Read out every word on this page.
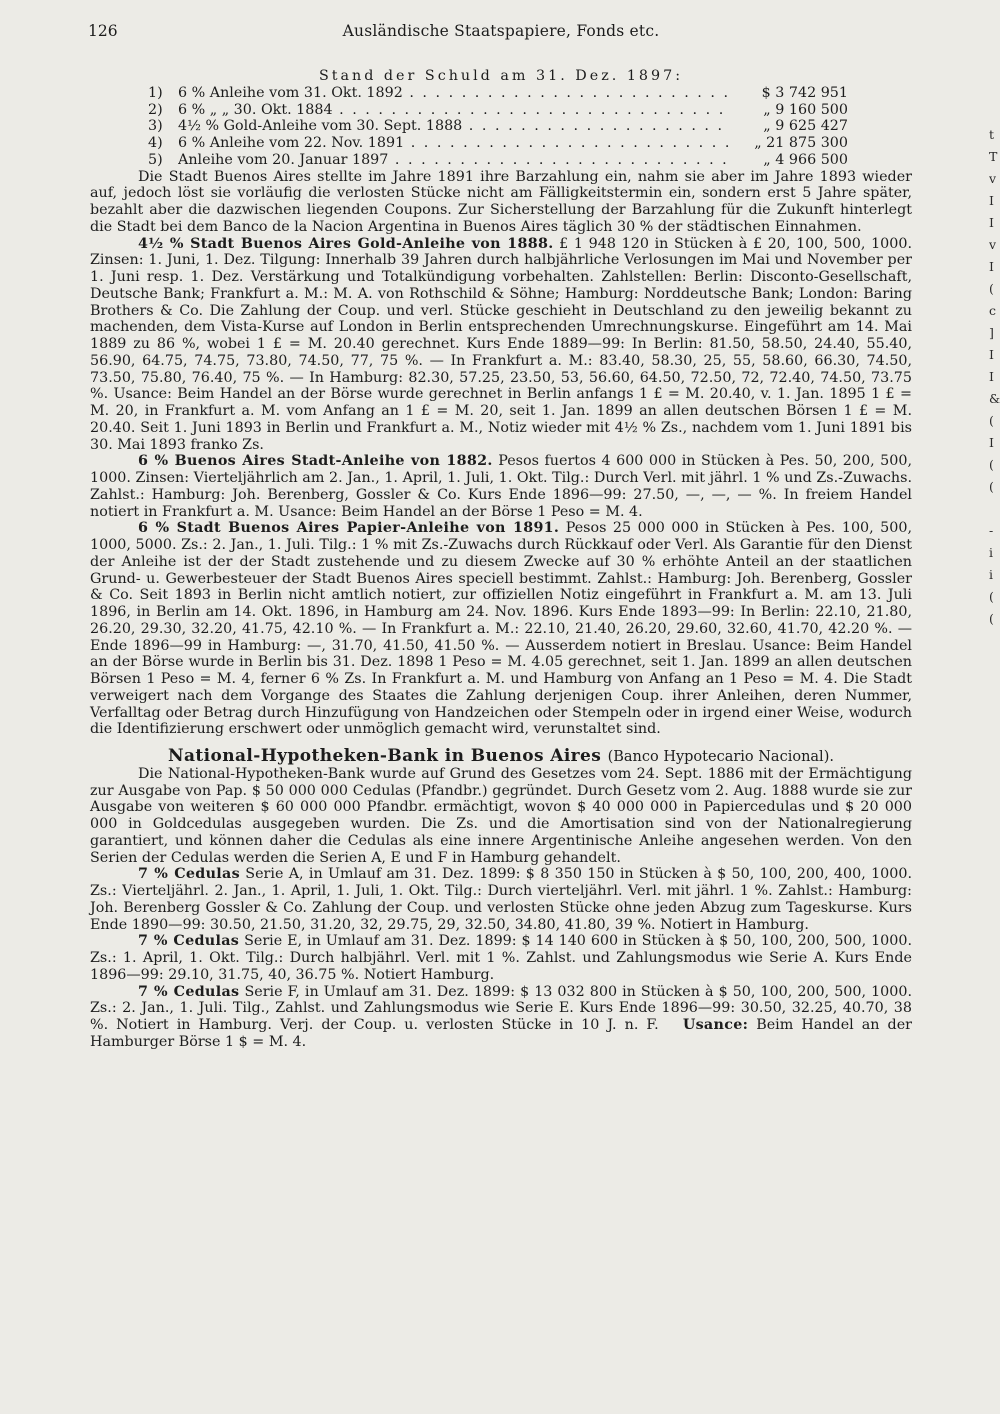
126	Ausländische Staatspapiere, Fonds etc.
Stand der Schuld am 31. Dez. 1897:
1)	6 % Anleihe vom 31. Okt. 1892 . . .	$ 3 742 951
2)	6 % „ „ 30. Okt. 1884 . . .	„ 9 160 500
3)	4½ % Gold-Anleihe vom 30. Sept. 1888 . . .	„ 9 625 427
4)	6 % Anleihe vom 22. Nov. 1891 . . .	„ 21 875 300
5)	Anleihe vom 20. Januar 1897 . . .	„ 4 966 500

Die Stadt Buenos Aires stellte im Jahre 1891 ihre Barzahlung ein, nahm sie aber im Jahre 1893 wieder auf, jedoch löst sie vorläufig die verlosten Stücke nicht am Fälligkeitstermin ein, sondern erst 5 Jahre später, bezahlt aber die dazwischen liegenden Coupons. Zur Sicherstellung der Barzahlung für die Zukunft hinterlegt die Stadt bei dem Banco de la Nacion Argentina in Buenos Aires täglich 30 % der städtischen Einnahmen.

4½ % Stadt Buenos Aires Gold-Anleihe von 1888. £ 1 948 120 in Stücken à £ 20, 100, 500, 1000. Zinsen: 1. Juni, 1. Dez. Tilgung: Innerhalb 39 Jahren durch halbjährliche Verlosungen im Mai und November per 1. Juni resp. 1. Dez. Verstärkung und Totalkündigung vorbehalten. Zahlstellen: Berlin: Disconto-Gesellschaft, Deutsche Bank; Frankfurt a. M.: M. A. von Rothschild & Söhne; Hamburg: Norddeutsche Bank; London: Baring Brothers & Co. Die Zahlung der Coup. und verl. Stücke geschieht in Deutschland zu den jeweilig bekannt zu machenden, dem Vista-Kurse auf London in Berlin entsprechenden Umrechnungskurse. Eingeführt am 14. Mai 1889 zu 86 %, wobei 1 £ = M. 20.40 gerechnet. Kurs Ende 1889—99: In Berlin: 81.50, 58.50, 24.40, 55.40, 56.90, 64.75, 74.75, 73.80, 74.50, 77, 75 %. — In Frankfurt a. M.: 83.40, 58.30, 25, 55, 58.60, 66.30, 74.50, 73.50, 75.80, 76.40, 75 %. — In Hamburg: 82.30, 57.25, 23.50, 53, 56.60, 64.50, 72.50, 72, 72.40, 74.50, 73.75 %. Usance: Beim Handel an der Börse wurde gerechnet in Berlin anfangs 1 £ = M. 20.40, v. 1. Jan. 1895 1 £ = M. 20, in Frankfurt a. M. vom Anfang an 1 £ = M. 20, seit 1. Jan. 1899 an allen deutschen Börsen 1 £ = M. 20.40. Seit 1. Juni 1893 in Berlin und Frankfurt a. M., Notiz wieder mit 4½ % Zs., nachdem vom 1. Juni 1891 bis 30. Mai 1893 franko Zs.

6 % Buenos Aires Stadt-Anleihe von 1882. Pesos fuertos 4 600 000 in Stücken à Pes. 50, 200, 500, 1000. Zinsen: Vierteljährlich am 2. Jan., 1. April, 1. Juli, 1. Okt. Tilg.: Durch Verl. mit jährl. 1 % und Zs.-Zuwachs. Zahlst.: Hamburg: Joh. Berenberg, Gossler & Co. Kurs Ende 1896—99: 27.50, —, —, — %. In freiem Handel notiert in Frankfurt a. M. Usance: Beim Handel an der Börse 1 Peso = M. 4.

6 % Stadt Buenos Aires Papier-Anleihe von 1891. Pesos 25 000 000 in Stücken à Pes. 100, 500, 1000, 5000. Zs.: 2. Jan., 1. Juli. Tilg.: 1 % mit Zs.-Zuwachs durch Rückkauf oder Verl. Als Garantie für den Dienst der Anleihe ist der der Stadt zustehende und zu diesem Zwecke auf 30 % erhöhte Anteil an der staatlichen Grund- u. Gewerbesteuer der Stadt Buenos Aires speciell bestimmt. Zahlst.: Hamburg: Joh. Berenberg, Gossler & Co. Seit 1893 in Berlin nicht amtlich notiert, zur offiziellen Notiz eingeführt in Frankfurt a. M. am 13. Juli 1896, in Berlin am 14. Okt. 1896, in Hamburg am 24. Nov. 1896. Kurs Ende 1893—99: In Berlin: 22.10, 21.80, 26.20, 29.30, 32.20, 41.75, 42.10 %. — In Frankfurt a. M.: 22.10, 21.40, 26.20, 29.60, 32.60, 41.70, 42.20 %. — Ende 1896—99 in Hamburg: —, 31.70, 41.50, 41.50 %. — Ausserdem notiert in Breslau. Usance: Beim Handel an der Börse wurde in Berlin bis 31. Dez. 1898 1 Peso = M. 4.05 gerechnet, seit 1. Jan. 1899 an allen deutschen Börsen 1 Peso = M. 4, ferner 6 % Zs. In Frankfurt a. M. und Hamburg von Anfang an 1 Peso = M. 4. Die Stadt verweigert nach dem Vorgange des Staates die Zahlung derjenigen Coup. ihrer Anleihen, deren Nummer, Verfalltag oder Betrag durch Hinzufügung von Handzeichen oder Stempeln oder in irgend einer Weise, wodurch die Identifizierung erschwert oder unmöglich gemacht wird, verunstaltet sind.

National-Hypotheken-Bank in Buenos Aires (Banco Hypotecario Nacional).

Die National-Hypotheken-Bank wurde auf Grund des Gesetzes vom 24. Sept. 1886 mit der Ermächtigung zur Ausgabe von Pap. $ 50 000 000 Cedulas (Pfandbr.) gegründet. Durch Gesetz vom 2. Aug. 1888 wurde sie zur Ausgabe von weiteren $ 60 000 000 Pfandbr. ermächtigt, wovon $ 40 000 000 in Papiercedulas und $ 20 000 000 in Goldcedulas ausgegeben wurden. Die Zs. und die Amortisation sind von der Nationalregierung garantiert, und können daher die Cedulas als eine innere Argentinische Anleihe angesehen werden. Von den Serien der Cedulas werden die Serien A, E und F in Hamburg gehandelt.

7 % Cedulas Serie A, in Umlauf am 31. Dez. 1899: $ 8 350 150 in Stücken à $ 50, 100, 200, 400, 1000. Zs.: Vierteljährl. 2. Jan., 1. April, 1. Juli, 1. Okt. Tilg.: Durch vierteljährl. Verl. mit jährl. 1 %. Zahlst.: Hamburg: Joh. Berenberg Gossler & Co. Zahlung der Coup. und verlosten Stücke ohne jeden Abzug zum Tageskurse. Kurs Ende 1890—99: 30.50, 21.50, 31.20, 32, 29.75, 29, 32.50, 34.80, 41.80, 39 %. Notiert in Hamburg.

7 % Cedulas Serie E, in Umlauf am 31. Dez. 1899: $ 14 140 600 in Stücken à $ 50, 100, 200, 500, 1000. Zs.: 1. April, 1. Okt. Tilg.: Durch halbjährl. Verl. mit 1 %. Zahlst. und Zahlungsmodus wie Serie A. Kurs Ende 1896—99: 29.10, 31.75, 40, 36.75 %. Notiert Hamburg.

7 % Cedulas Serie F, in Umlauf am 31. Dez. 1899: $ 13 032 800 in Stücken à $ 50, 100, 200, 500, 1000. Zs.: 2. Jan., 1. Juli. Tilg., Zahlst. und Zahlungsmodus wie Serie E. Kurs Ende 1896—99: 30.50, 32.25, 40.70, 38 %. Notiert in Hamburg. Verj. der Coup. u. verlosten Stücke in 10 J. n. F. Usance: Beim Handel an der Hamburger Börse 1 $ = M. 4.

t
T
v
I
I
v
I
(
c
]
I
I
&
(
I
(
(
-
i
i
(
(
